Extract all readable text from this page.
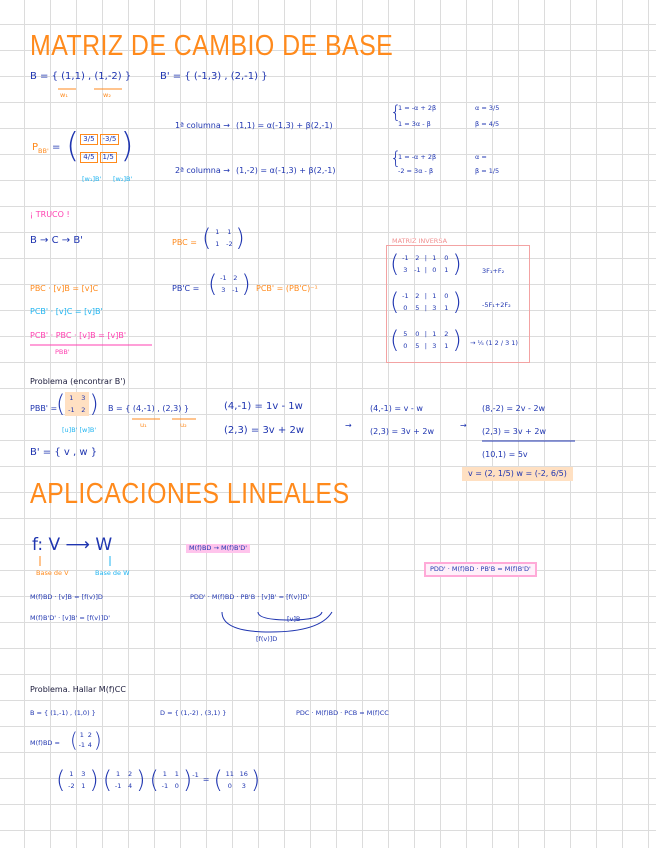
MATRIZ DE CAMBIO DE BASE
B = { (1,1) , (1,-2) }
w₁	w₂
B' = { (-1,3) , (2,-1) }
$P_{BB'}$ = ( 3/5 -3/5
4/5 1/5 )
[w₁]B' [w₂]B'
1ª columna → (1,1) = α(-1,3) + β(2,-1)
{
1 = -α + 2β
1 = 3α - β
α = 3/5
β = 4/5
2ª columna → (1,-2) = α(-1,3) + β(2,-1)
{
1 = -α + 2β
-2 = 3α - β
α =
β = 1/5
¡ TRUCO !
B → C → B'
PBC · [v]B = [v]C
PCB' · [v]C = [v]B'
PCB' · PBC · [v]B = [v]B'
PBB'
PBC = ( 1 1
1 -2 )
PB'C = ( -1 2
3 -1 ) PCB' = (PB'C)⁻¹
MATRIZ INVERSA
( -1 2 | 1 0
3 -1 | 0 1 )	3F₁+F₂
( -1 2 | 1 0
0 5 | 3 1 )	-5F₁+2F₂
( 5 0 | 1 2
0 5 | 3 1 ) → ⅕ (1 2 / 3 1)
Problema (encontrar B')
PBB' =
( 1 3
-1 2 )
[u]B' [w]B'
B = { (4,-1) , (2,3) }
u₁	u₂
B' = { v , w }
(4,-1) = 1v - 1w
(2,3) = 3v + 2w	→
(4,-1) = v - w
(2,3) = 3v + 2w
→
(8,-2) = 2v - 2w
(2,3) = 3v + 2w
(10,1) = 5v
v = (2, 1/5) w = (-2, 6/5)
APLICACIONES LINEALES
f: V ⟶ W
Base de V	Base de W
M(f)BD → M(f)B'D'
PDD' · M(f)BD · PB'B = M(f)B'D'
M(f)BD · [v]B = [f(v)]D
M(f)B'D' · [v]B' = [f(v)]D'
PDD' · M(f)BD · PB'B · [v]B' = [f(v)]D'
[v]B
[f(v)]D
Problema. Hallar M(f)CC
B = { (1,-1) , (1,0) }	D = { (1,-2) , (3,1) }	PDC · M(f)BD · PCB = M(f)CC
M(f)BD = ( 1 2
-1 4 )
( 1 3
-2 1 ) ( 1 2
-1 4 ) ( 1 1
-1 0 )$^{-1}$ = ( 11 16
0 3 )
